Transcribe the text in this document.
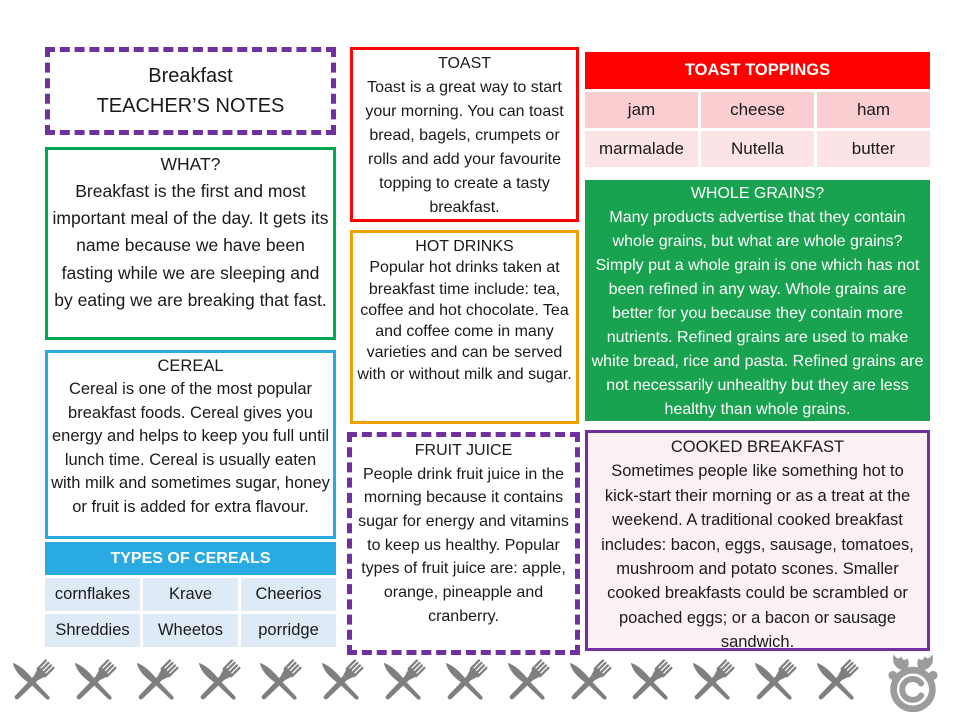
Breakfast
TEACHER’S NOTES
WHAT?
Breakfast is the first and most important meal of the day. It gets its name because we have been fasting while we are sleeping and by eating we are breaking that fast.
CEREAL
Cereal is one of the most popular breakfast foods. Cereal gives you energy and helps to keep you full until lunch time. Cereal is usually eaten with milk and sometimes sugar, honey or fruit is added for extra flavour.
TYPES OF CEREALS
cornflakes	Krave	Cheerios
Shreddies	Wheetos	porridge
TOAST
Toast is a great way to start your morning. You can toast bread, bagels, crumpets or rolls and add your favourite topping to create a tasty breakfast.
HOT DRINKS
Popular hot drinks taken at breakfast time include: tea, coffee and hot chocolate. Tea and coffee come in many varieties and can be served with or without milk and sugar.
FRUIT JUICE
People drink fruit juice in the morning because it contains sugar for energy and vitamins to keep us healthy. Popular types of fruit juice are: apple, orange, pineapple and cranberry.
TOAST TOPPINGS
jam	cheese	ham
marmalade	Nutella	butter
WHOLE GRAINS?
Many products advertise that they contain whole grains, but what are whole grains? Simply put a whole grain is one which has not been refined in any way. Whole grains are better for you because they contain more nutrients. Refined grains are used to make white bread, rice and pasta. Refined grains are not necessarily unhealthy but they are less healthy than whole grains.
COOKED BREAKFAST
Sometimes people like something hot to kick-start their morning or as a treat at the weekend. A traditional cooked breakfast includes: bacon, eggs, sausage, tomatoes, mushroom and potato scones. Smaller cooked breakfasts could be scrambled or poached eggs; or a bacon or sausage sandwich.
